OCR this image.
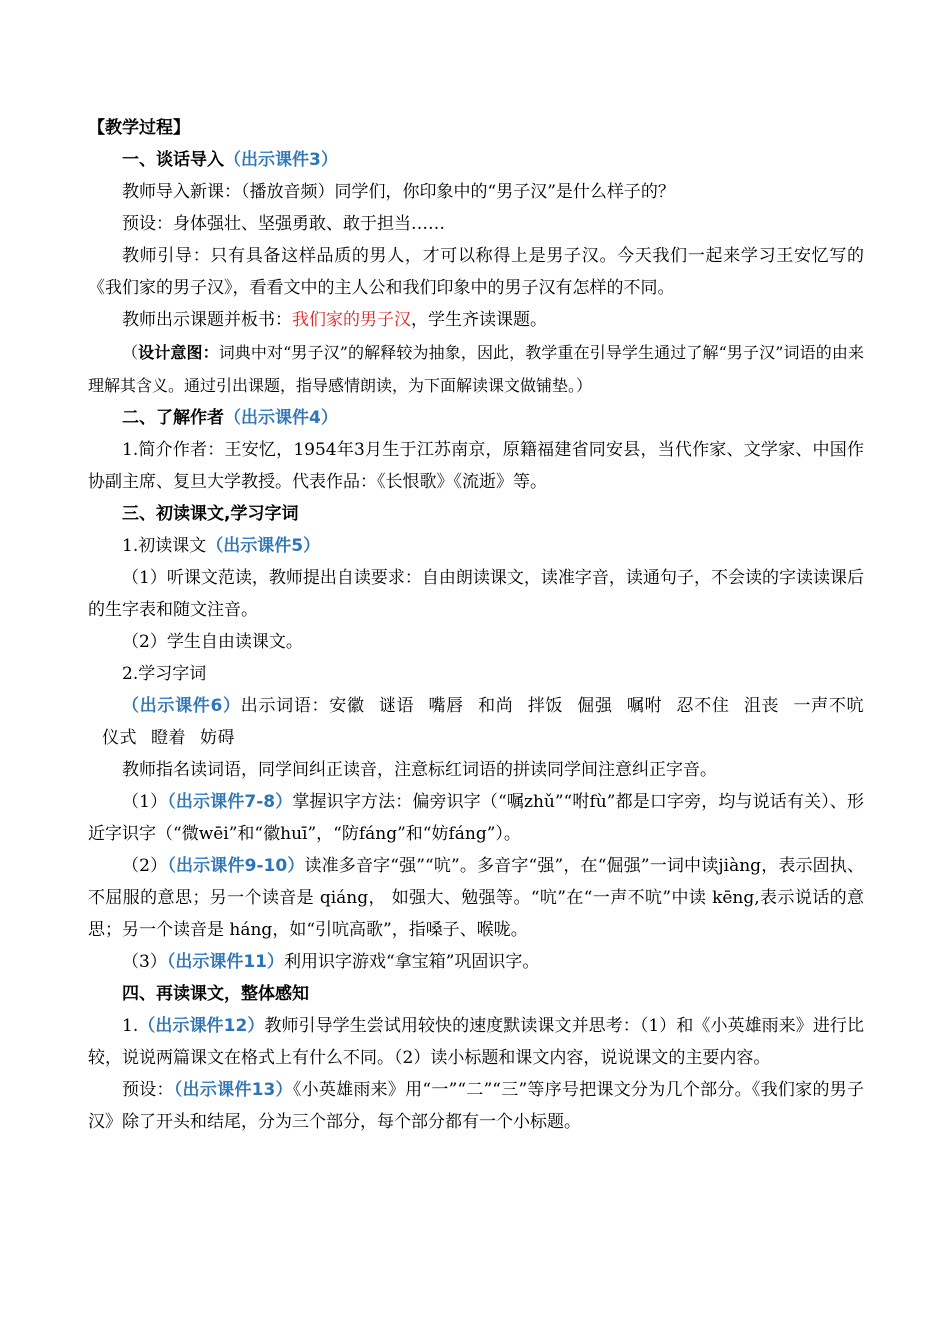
【教学过程】

一、谈话导入（出示课件3）

教师导入新课：（播放音频）同学们，你印象中的“男子汉”是什么样子的？

预设：身体强壮、坚强勇敢、敢于担当……

教师引导：只有具备这样品质的男人，才可以称得上是男子汉。今天我们一起来学习王安忆写的《我们家的男子汉》，看看文中的主人公和我们印象中的男子汉有怎样的不同。

教师出示课题并板书：我们家的男子汉，学生齐读课题。

（设计意图：词典中对“男子汉”的解释较为抽象，因此，教学重在引导学生通过了解“男子汉”词语的由来理解其含义。通过引出课题，指导感情朗读，为下面解读课文做铺垫。）

二、了解作者（出示课件4）

1.简介作者：王安忆，1954年3月生于江苏南京，原籍福建省同安县，当代作家、文学家、中国作协副主席、复旦大学教授。代表作品：《长恨歌》《流逝》等。

三、初读课文,学习字词

1.初读课文（出示课件5）

（1）听课文范读，教师提出自读要求：自由朗读课文，读准字音，读通句子，不会读的字读读课后的生字表和随文注音。

（2）学生自由读课文。

2.学习字词

（出示课件6）出示词语：安徽 谜语 嘴唇 和尚 拌饭 倔强 嘱咐 忍不住 沮丧 一声不吭仪式 瞪着 妨碍

教师指名读词语，同学间纠正读音，注意标红词语的拼读同学间注意纠正字音。

（1）（出示课件7-8）掌握识字方法：偏旁识字（“嘱zhǔ”“咐fù”都是口字旁，均与说话有关）、形近字识字（“微wēi”和“徽huī”，“防fáng”和“妨fáng”）。

（2）（出示课件9-10）读准多音字“强”“吭”。多音字“强”，在“倔强”一词中读jiàng，表示固执、不屈服的意思；另一个读音是 qiáng， 如强大、勉强等。“吭”在“一声不吭”中读 kēng,表示说话的意思；另一个读音是 háng，如“引吭高歌”，指嗓子、喉咙。

（3）（出示课件11）利用识字游戏“拿宝箱”巩固识字。

四、再读课文，整体感知

1.（出示课件12）教师引导学生尝试用较快的速度默读课文并思考：（1）和《小英雄雨来》进行比较，说说两篇课文在格式上有什么不同。（2）读小标题和课文内容，说说课文的主要内容。

预设：（出示课件13）《小英雄雨来》用“一”“二”“三”等序号把课文分为几个部分。《我们家的男子汉》除了开头和结尾，分为三个部分，每个部分都有一个小标题。
